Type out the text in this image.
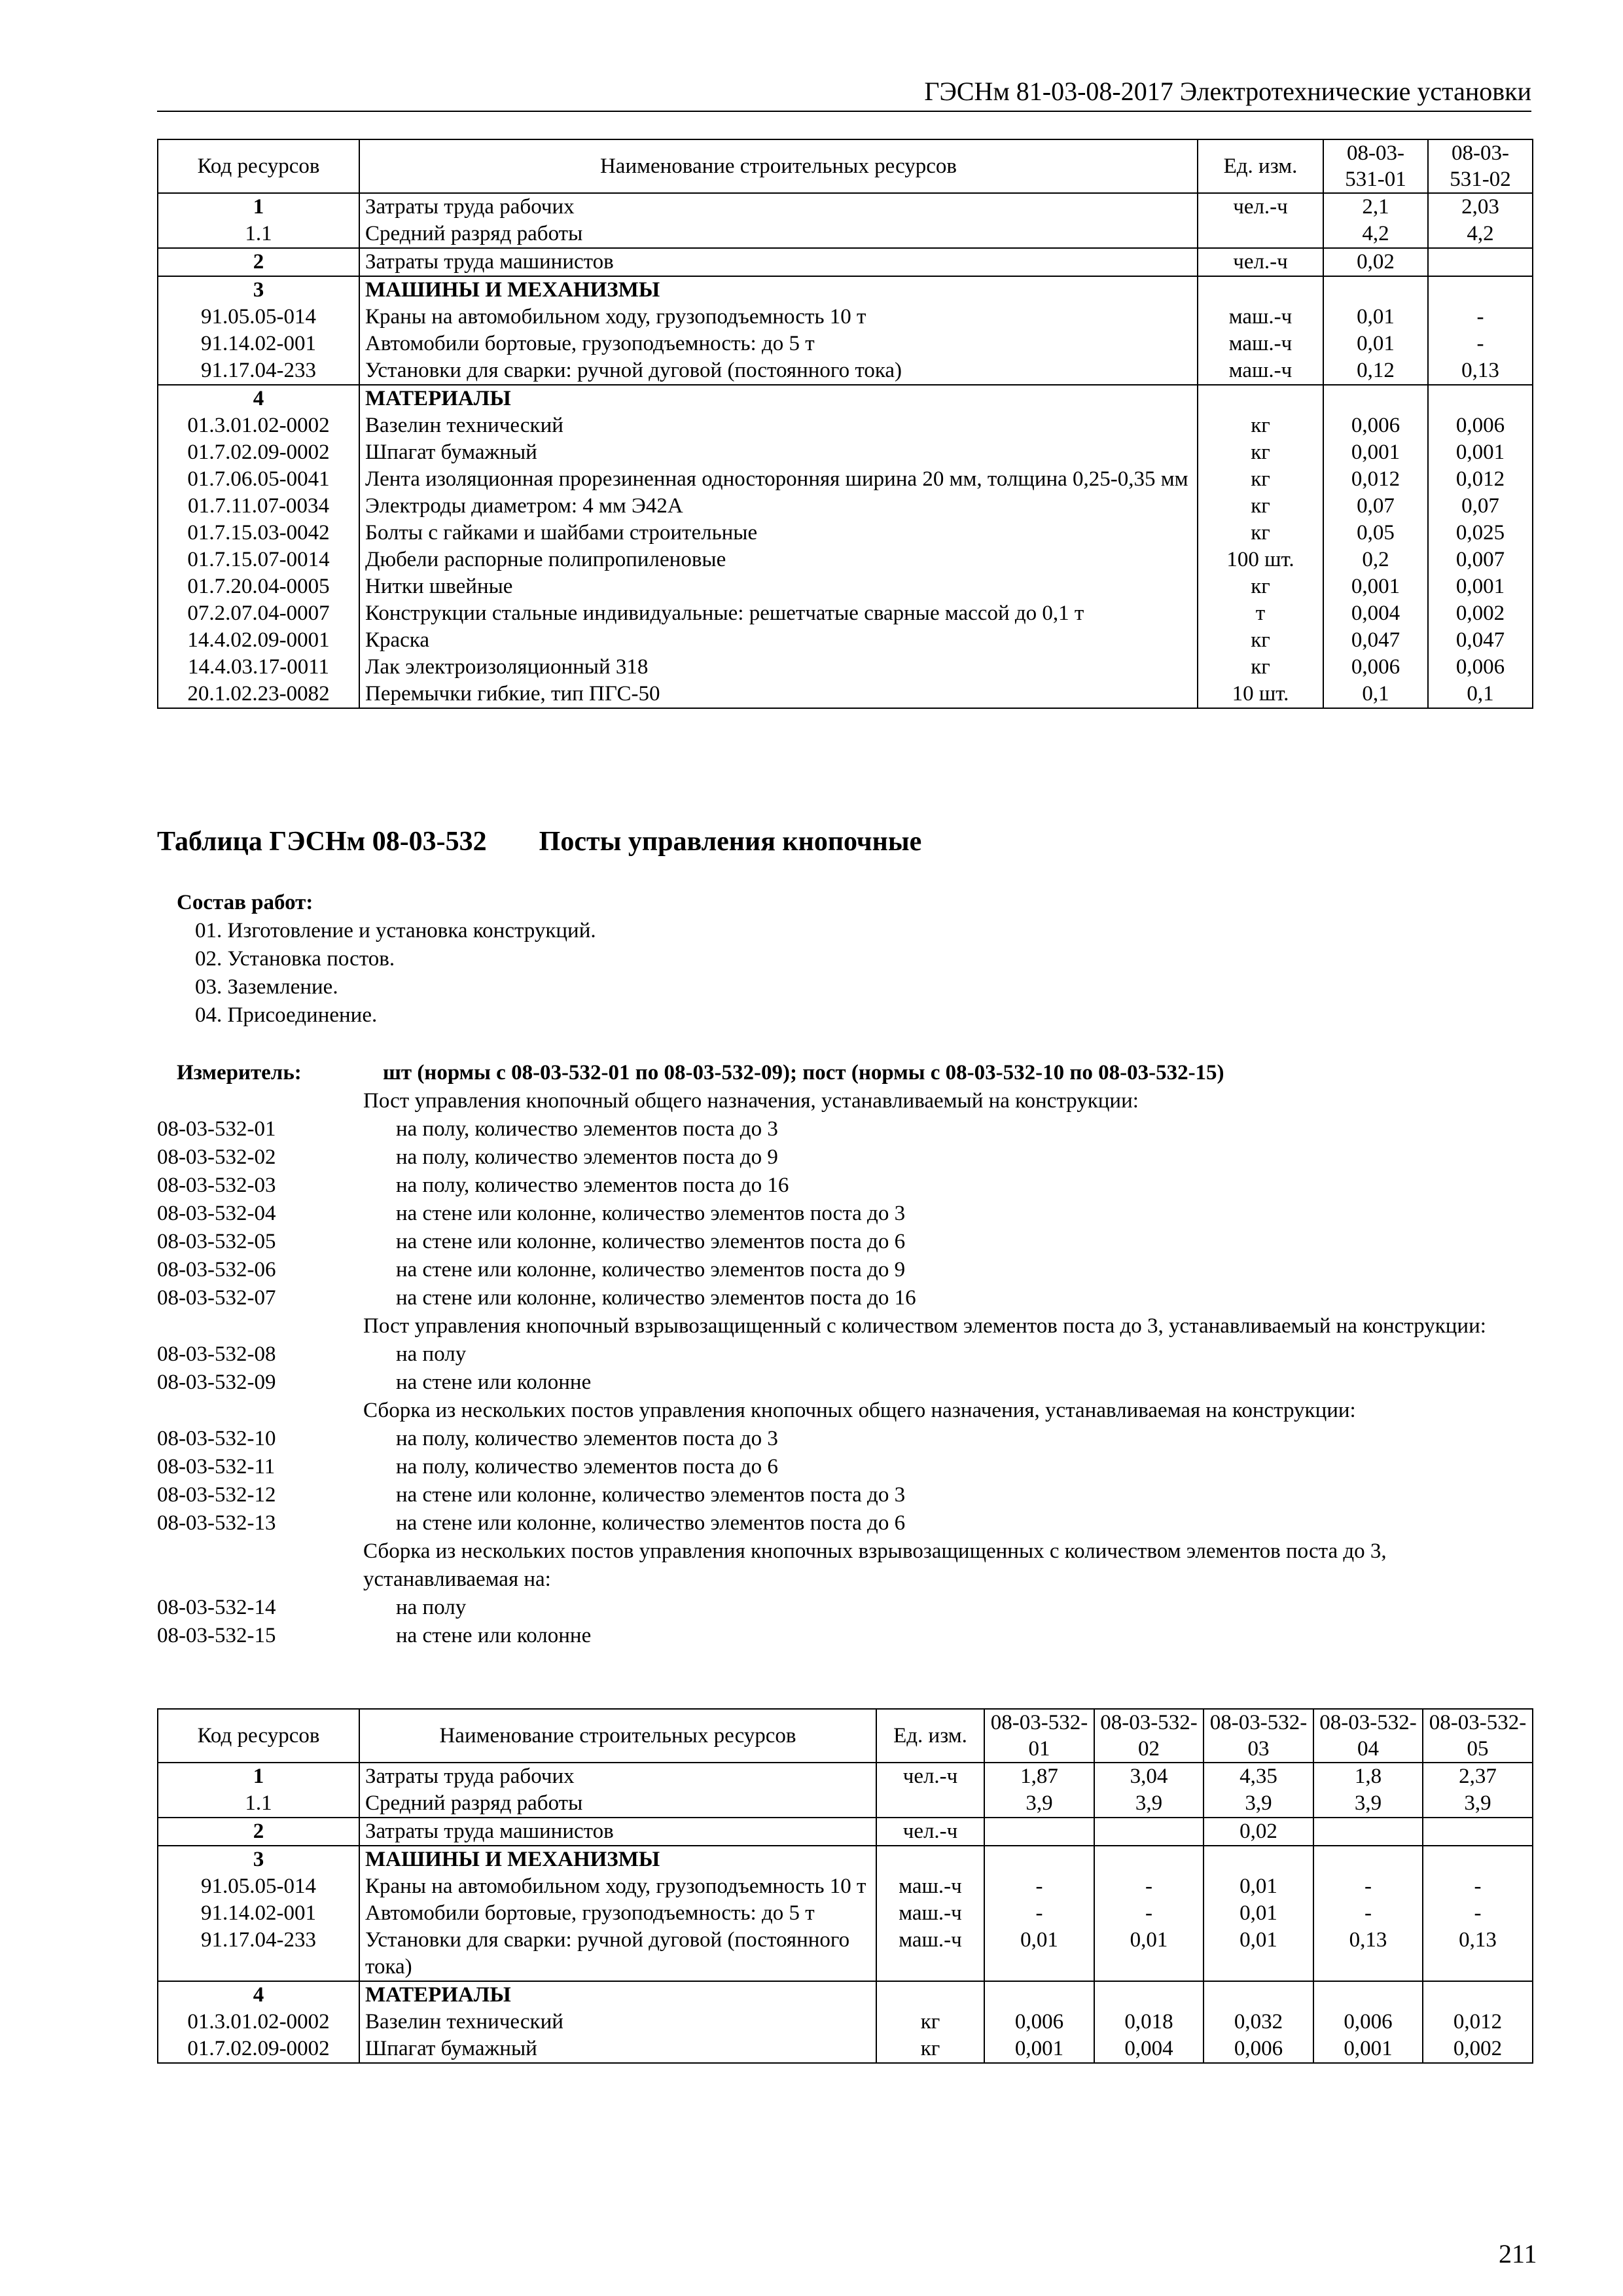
ГЭСНм 81-03-08-2017 Электротехнические установки
Код ресурсов	Наименование строительных ресурсов	Ед. изм.	08-03-531-01	08-03-531-02
1	Затраты труда рабочих	чел.-ч	2,1	2,03
1.1	Средний разряд работы		4,2	4,2
2	Затраты труда машинистов	чел.-ч	0,02	
3	МАШИНЫ И МЕХАНИЗМЫ			
91.05.05-014	Краны на автомобильном ходу, грузоподъемность 10 т	маш.-ч	0,01	-
91.14.02-001	Автомобили бортовые, грузоподъемность: до 5 т	маш.-ч	0,01	-
91.17.04-233	Установки для сварки: ручной дуговой (постоянного тока)	маш.-ч	0,12	0,13
4	МАТЕРИАЛЫ			
01.3.01.02-0002	Вазелин технический	кг	0,006	0,006
01.7.02.09-0002	Шпагат бумажный	кг	0,001	0,001
01.7.06.05-0041	Лента изоляционная прорезиненная односторонняя ширина 20 мм, толщина 0,25-0,35 мм	кг	0,012	0,012
01.7.11.07-0034	Электроды диаметром: 4 мм Э42А	кг	0,07	0,07
01.7.15.03-0042	Болты с гайками и шайбами строительные	кг	0,05	0,025
01.7.15.07-0014	Дюбели распорные полипропиленовые	100 шт.	0,2	0,007
01.7.20.04-0005	Нитки швейные	кг	0,001	0,001
07.2.07.04-0007	Конструкции стальные индивидуальные: решетчатые сварные массой до 0,1 т	т	0,004	0,002
14.4.02.09-0001	Краска	кг	0,047	0,047
14.4.03.17-0011	Лак электроизоляционный 318	кг	0,006	0,006
20.1.02.23-0082	Перемычки гибкие, тип ПГС-50	10 шт.	0,1	0,1
Таблица ГЭСНм 08-03-532 Посты управления кнопочные
Состав работ:
01. Изготовление и установка конструкций.
02. Установка постов.
03. Заземление.
04. Присоединение.
Измеритель:	шт (нормы с 08-03-532-01 по 08-03-532-09); пост (нормы с 08-03-532-10 по 08-03-532-15)
Пост управления кнопочный общего назначения, устанавливаемый на конструкции:
08-03-532-01	на полу, количество элементов поста до 3
08-03-532-02	на полу, количество элементов поста до 9
08-03-532-03	на полу, количество элементов поста до 16
08-03-532-04	на стене или колонне, количество элементов поста до 3
08-03-532-05	на стене или колонне, количество элементов поста до 6
08-03-532-06	на стене или колонне, количество элементов поста до 9
08-03-532-07	на стене или колонне, количество элементов поста до 16
Пост управления кнопочный взрывозащищенный с количеством элементов поста до 3, устанавливаемый на конструкции:
08-03-532-08	на полу
08-03-532-09	на стене или колонне
Сборка из нескольких постов управления кнопочных общего назначения, устанавливаемая на конструкции:
08-03-532-10	на полу, количество элементов поста до 3
08-03-532-11	на полу, количество элементов поста до 6
08-03-532-12	на стене или колонне, количество элементов поста до 3
08-03-532-13	на стене или колонне, количество элементов поста до 6
Сборка из нескольких постов управления кнопочных взрывозащищенных с количеством элементов поста до 3, устанавливаемая на:
08-03-532-14	на полу
08-03-532-15	на стене или колонне
Код ресурсов	Наименование строительных ресурсов	Ед. изм.	08-03-532-01	08-03-532-02	08-03-532-03	08-03-532-04	08-03-532-05
1	Затраты труда рабочих	чел.-ч	1,87	3,04	4,35	1,8	2,37
1.1	Средний разряд работы		3,9	3,9	3,9	3,9	3,9
2	Затраты труда машинистов	чел.-ч			0,02		
3	МАШИНЫ И МЕХАНИЗМЫ						
91.05.05-014	Краны на автомобильном ходу, грузоподъемность 10 т	маш.-ч	-	-	0,01	-	-
91.14.02-001	Автомобили бортовые, грузоподъемность: до 5 т	маш.-ч	-	-	0,01	-	-
91.17.04-233	Установки для сварки: ручной дуговой (постоянного тока)	маш.-ч	0,01	0,01	0,01	0,13	0,13
4	МАТЕРИАЛЫ						
01.3.01.02-0002	Вазелин технический	кг	0,006	0,018	0,032	0,006	0,012
01.7.02.09-0002	Шпагат бумажный	кг	0,001	0,004	0,006	0,001	0,002
211
